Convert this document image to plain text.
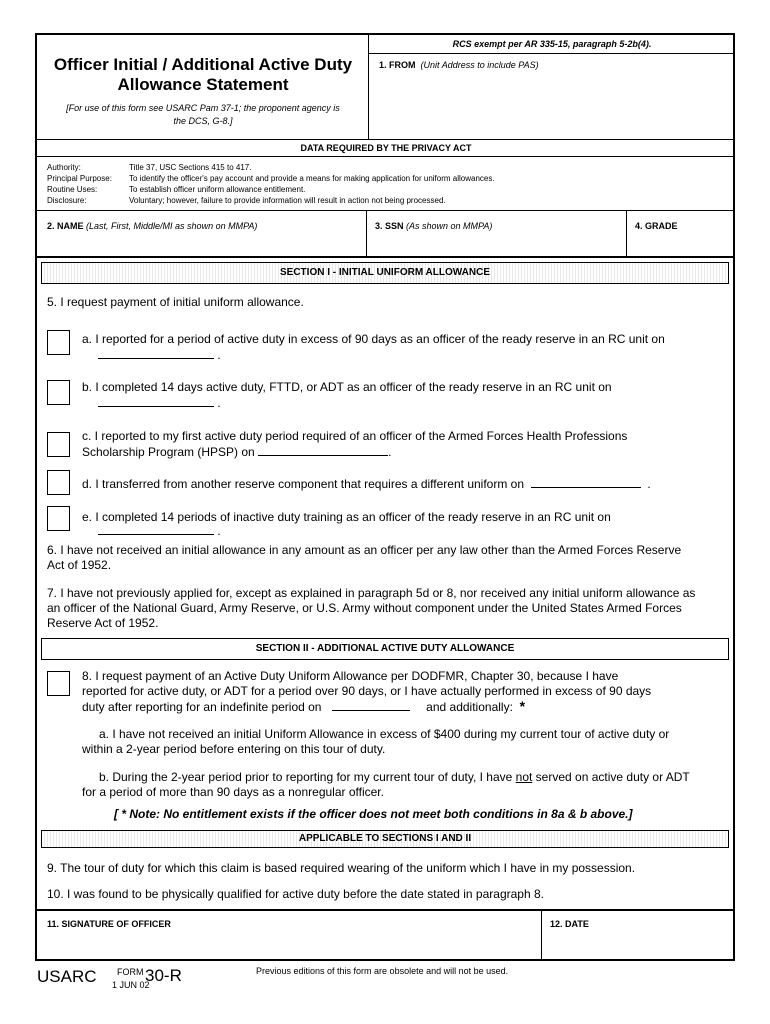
Officer Initial / Additional Active Duty
Allowance Statement
[For use of this form see USARC Pam 37-1; the proponent agency is
the DCS, G-8.]
RCS exempt per AR 335-15, paragraph 5-2b(4).
1. FROM (Unit Address to include PAS)
DATA REQUIRED BY THE PRIVACY ACT
Authority:	Title 37, USC Sections 415 to 417.
Principal Purpose: To identify the officer's pay account and provide a means for making application for uniform allowances.
Routine Uses:	To establish officer uniform allowance entitlement.
Disclosure:	Voluntary; however, failure to provide information will result in action not being processed.
2. NAME (Last, First, Middle/MI as shown on MMPA)	3. SSN (As shown on MMPA)	4. GRADE
SECTION I - INITIAL UNIFORM ALLOWANCE
5. I request payment of initial uniform allowance.
a. I reported for a period of active duty in excess of 90 days as an officer of the ready reserve in an RC unit on
.
b. I completed 14 days active duty, FTTD, or ADT as an officer of the ready reserve in an RC unit on
.
c. I reported to my first active duty period required of an officer of the Armed Forces Health Professions
Scholarship Program (HPSP) on	.
d. I transferred from another reserve component that requires a different uniform on	.
e. I completed 14 periods of inactive duty training as an officer of the ready reserve in an RC unit on
.
6. I have not received an initial allowance in any amount as an officer per any law other than the Armed Forces Reserve
Act of 1952.
7. I have not previously applied for, except as explained in paragraph 5d or 8, nor received any initial uniform allowance as
an officer of the National Guard, Army Reserve, or U.S. Army without component under the United States Armed Forces
Reserve Act of 1952.
SECTION II - ADDITIONAL ACTIVE DUTY ALLOWANCE
8. I request payment of an Active Duty Uniform Allowance per DODFMR, Chapter 30, because I have
reported for active duty, or ADT for a period over 90 days, or I have actually performed in excess of 90 days
duty after reporting for an indefinite period on	and additionally: *
a. I have not received an initial Uniform Allowance in excess of $400 during my current tour of active duty or
within a 2-year period before entering on this tour of duty.
b. During the 2-year period prior to reporting for my current tour of duty, I have not served on active duty or ADT
for a period of more than 90 days as a nonregular officer.
[ * Note: No entitlement exists if the officer does not meet both conditions in 8a & b above.]
APPLICABLE TO SECTIONS I AND II
9. The tour of duty for which this claim is based required wearing of the uniform which I have in my possession.
10. I was found to be physically qualified for active duty before the date stated in paragraph 8.
11. SIGNATURE OF OFFICER	12. DATE
USARC FORM 30-R
1 JUN 02
Previous editions of this form are obsolete and will not be used.
